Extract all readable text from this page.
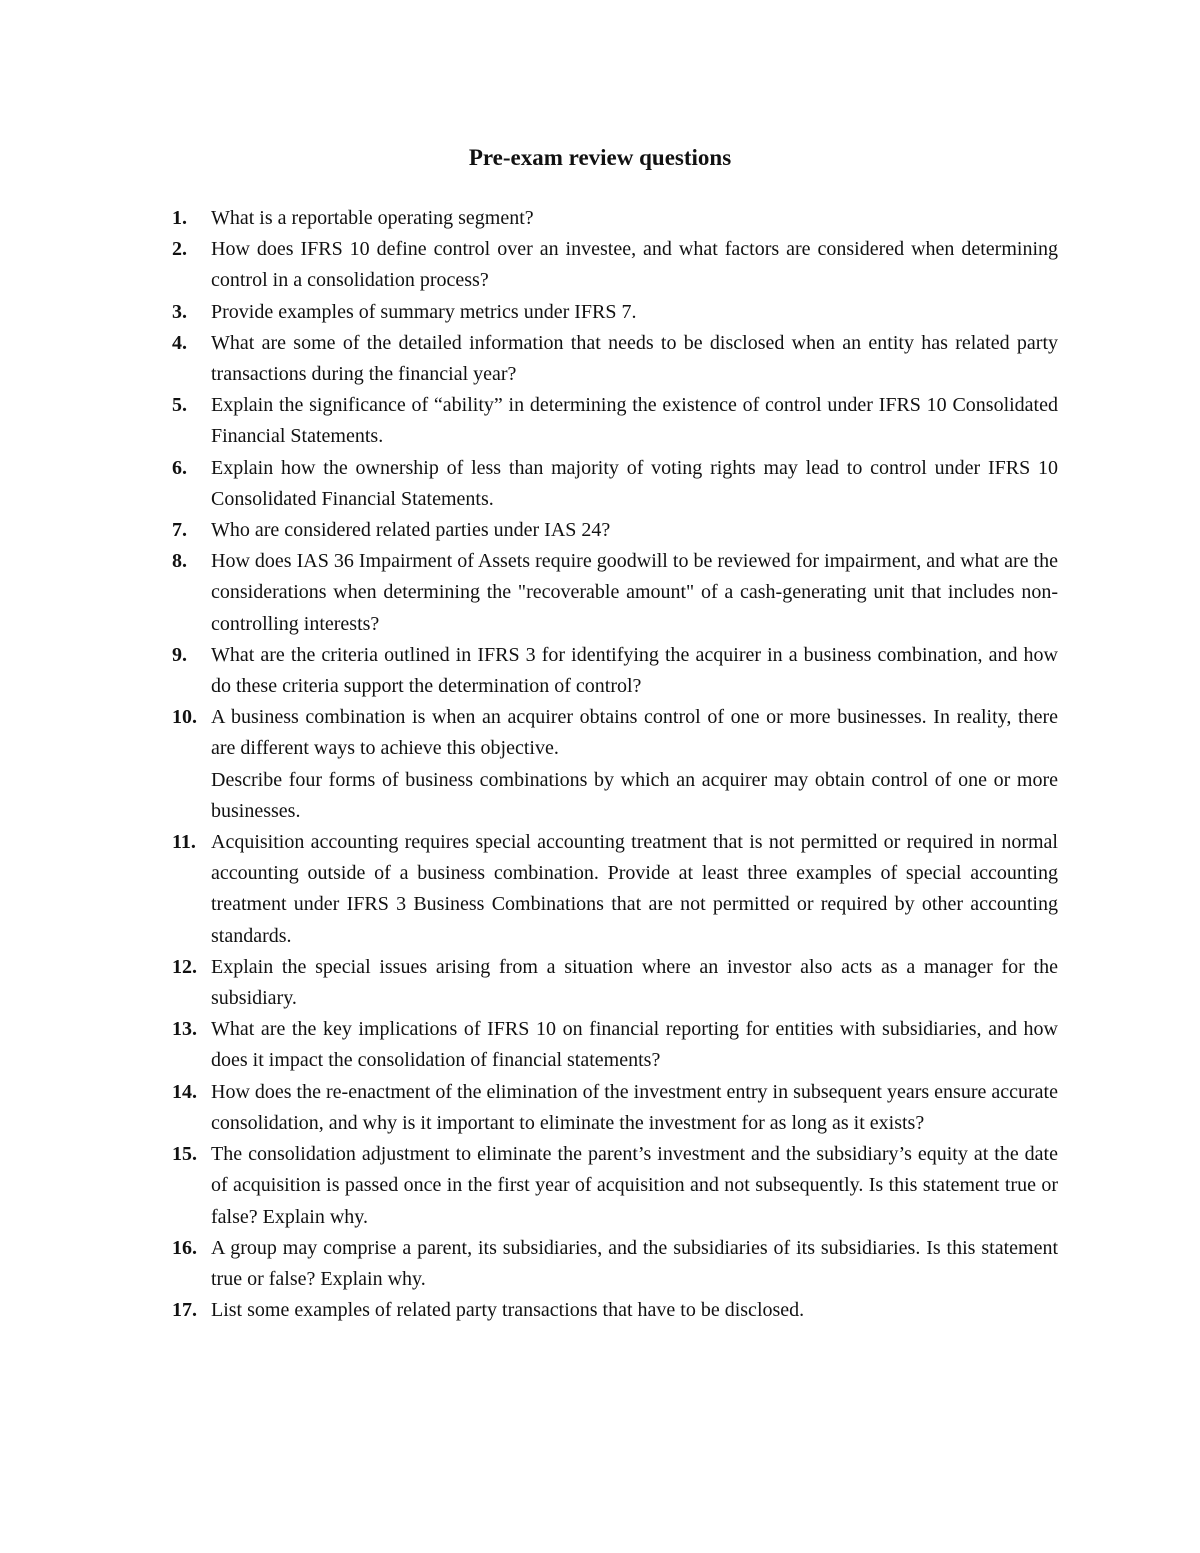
Pre-exam review questions
1.	What is a reportable operating segment?

2.	How does IFRS 10 define control over an investee, and what factors are considered when determining control in a consolidation process?

3.	Provide examples of summary metrics under IFRS 7.

4.	What are some of the detailed information that needs to be disclosed when an entity has related party transactions during the financial year?

5.	Explain the significance of “ability” in determining the existence of control under IFRS 10 Consolidated Financial Statements.

6.	Explain how the ownership of less than majority of voting rights may lead to control under IFRS 10 Consolidated Financial Statements.

7.	Who are considered related parties under IAS 24?

8.	How does IAS 36 Impairment of Assets require goodwill to be reviewed for impairment, and what are the considerations when determining the "recoverable amount" of a cash-generating unit that includes non-controlling interests?

9.	What are the criteria outlined in IFRS 3 for identifying the acquirer in a business combination, and how do these criteria support the determination of control?

10. A business combination is when an acquirer obtains control of one or more businesses. In reality, there are different ways to achieve this objective.

Describe four forms of business combinations by which an acquirer may obtain control of one or more businesses.

11. Acquisition accounting requires special accounting treatment that is not permitted or required in normal accounting outside of a business combination. Provide at least three examples of special accounting treatment under IFRS 3 Business Combinations that are not permitted or required by other accounting standards.

12. Explain the special issues arising from a situation where an investor also acts as a manager for the subsidiary.

13. What are the key implications of IFRS 10 on financial reporting for entities with subsidiaries, and how does it impact the consolidation of financial statements?

14. How does the re-enactment of the elimination of the investment entry in subsequent years ensure accurate consolidation, and why is it important to eliminate the investment for as long as it exists?

15. The consolidation adjustment to eliminate the parent’s investment and the subsidiary’s equity at the date of acquisition is passed once in the first year of acquisition and not subsequently. Is this statement true or false? Explain why.

16. A group may comprise a parent, its subsidiaries, and the subsidiaries of its subsidiaries. Is this statement true or false? Explain why.

17. List some examples of related party transactions that have to be disclosed.
